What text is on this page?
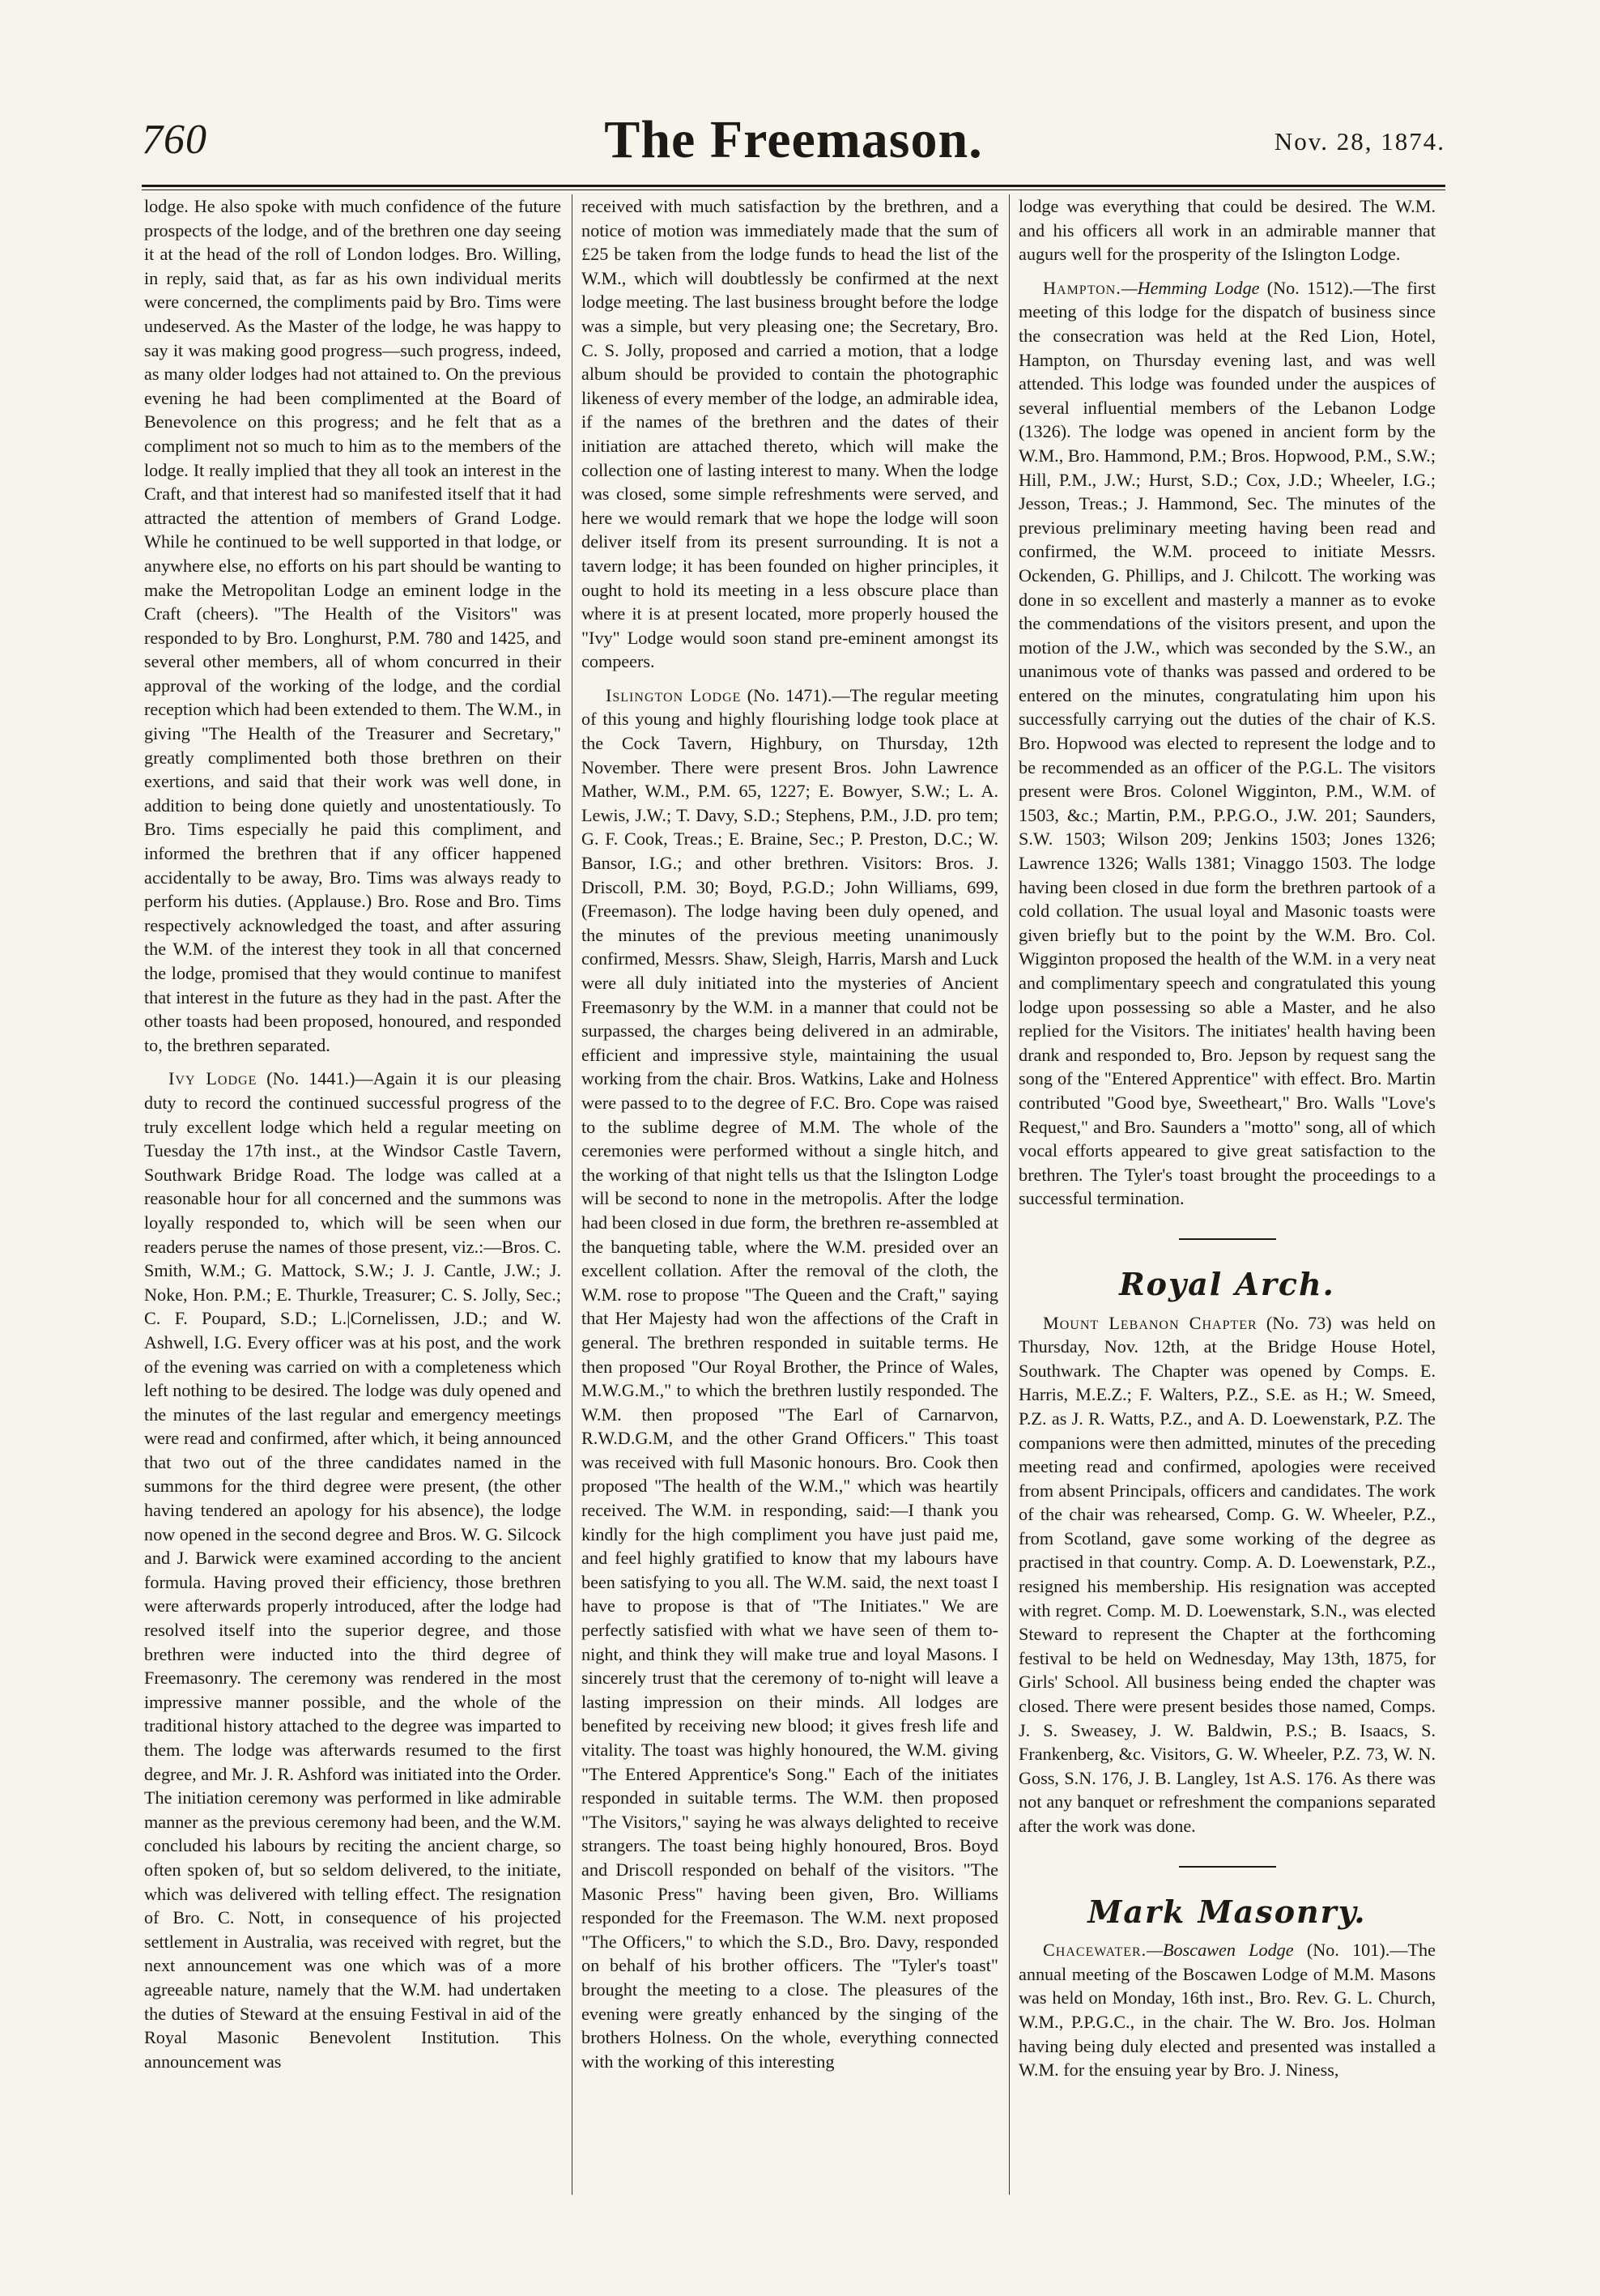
760	The Freemason.	Nov. 28, 1874.

lodge. He also spoke with much confidence of the future prospects of the lodge, and of the brethren one day seeing it at the head of the roll of London lodges. Bro. Willing, in reply, said that, as far as his own individual merits were concerned, the compliments paid by Bro. Tims were undeserved. As the Master of the lodge, he was happy to say it was making good progress—such progress, indeed, as many older lodges had not attained to. On the previous evening he had been complimented at the Board of Benevolence on this progress; and he felt that as a compliment not so much to him as to the members of the lodge. It really implied that they all took an interest in the Craft, and that interest had so manifested itself that it had attracted the attention of members of Grand Lodge. While he continued to be well supported in that lodge, or anywhere else, no efforts on his part should be wanting to make the Metropolitan Lodge an eminent lodge in the Craft (cheers). "The Health of the Visitors" was responded to by Bro. Longhurst, P.M. 780 and 1425, and several other members, all of whom concurred in their approval of the working of the lodge, and the cordial reception which had been extended to them. The W.M., in giving "The Health of the Treasurer and Secretary," greatly complimented both those brethren on their exertions, and said that their work was well done, in addition to being done quietly and unostentatiously. To Bro. Tims especially he paid this compliment, and informed the brethren that if any officer happened accidentally to be away, Bro. Tims was always ready to perform his duties. (Applause.) Bro. Rose and Bro. Tims respectively acknowledged the toast, and after assuring the W.M. of the interest they took in all that concerned the lodge, promised that they would continue to manifest that interest in the future as they had in the past. After the other toasts had been proposed, honoured, and responded to, the brethren separated.

Ivy Lodge (No. 1441.)—Again it is our pleasing duty to record the continued successful progress of the truly excellent lodge which held a regular meeting on Tuesday the 17th inst., at the Windsor Castle Tavern, Southwark Bridge Road. The lodge was called at a reasonable hour for all concerned and the summons was loyally responded to, which will be seen when our readers peruse the names of those present, viz.:—Bros. C. Smith, W.M.; G. Mattock, S.W.; J. J. Cantle, J.W.; J. Noke, Hon. P.M.; E. Thurkle, Treasurer; C. S. Jolly, Sec.; C. F. Poupard, S.D.; L.|Cornelissen, J.D.; and W. Ashwell, I.G. Every officer was at his post, and the work of the evening was carried on with a completeness which left nothing to be desired. The lodge was duly opened and the minutes of the last regular and emergency meetings were read and confirmed, after which, it being announced that two out of the three candidates named in the summons for the third degree were present, (the other having tendered an apology for his absence), the lodge now opened in the second degree and Bros. W. G. Silcock and J. Barwick were examined according to the ancient formula. Having proved their efficiency, those brethren were afterwards properly introduced, after the lodge had resolved itself into the superior degree, and those brethren were inducted into the third degree of Freemasonry. The ceremony was rendered in the most impressive manner possible, and the whole of the traditional history attached to the degree was imparted to them. The lodge was afterwards resumed to the first degree, and Mr. J. R. Ashford was initiated into the Order. The initiation ceremony was performed in like admirable manner as the previous ceremony had been, and the W.M. concluded his labours by reciting the ancient charge, so often spoken of, but so seldom delivered, to the initiate, which was delivered with telling effect. The resignation of Bro. C. Nott, in consequence of his projected settlement in Australia, was received with regret, but the next announcement was one which was of a more agreeable nature, namely that the W.M. had undertaken the duties of Steward at the ensuing Festival in aid of the Royal Masonic Benevolent Institution. This announcement was

received with much satisfaction by the brethren, and a notice of motion was immediately made that the sum of £25 be taken from the lodge funds to head the list of the W.M., which will doubtlessly be confirmed at the next lodge meeting. The last business brought before the lodge was a simple, but very pleasing one; the Secretary, Bro. C. S. Jolly, proposed and carried a motion, that a lodge album should be provided to contain the photographic likeness of every member of the lodge, an admirable idea, if the names of the brethren and the dates of their initiation are attached thereto, which will make the collection one of lasting interest to many. When the lodge was closed, some simple refreshments were served, and here we would remark that we hope the lodge will soon deliver itself from its present surrounding. It is not a tavern lodge; it has been founded on higher principles, it ought to hold its meeting in a less obscure place than where it is at present located, more properly housed the "Ivy" Lodge would soon stand pre-eminent amongst its compeers.

Islington Lodge (No. 1471).—The regular meeting of this young and highly flourishing lodge took place at the Cock Tavern, Highbury, on Thursday, 12th November. There were present Bros. John Lawrence Mather, W.M., P.M. 65, 1227; E. Bowyer, S.W.; L. A. Lewis, J.W.; T. Davy, S.D.; Stephens, P.M., J.D. pro tem; G. F. Cook, Treas.; E. Braine, Sec.; P. Preston, D.C.; W. Bansor, I.G.; and other brethren. Visitors: Bros. J. Driscoll, P.M. 30; Boyd, P.G.D.; John Williams, 699, (Freemason). The lodge having been duly opened, and the minutes of the previous meeting unanimously confirmed, Messrs. Shaw, Sleigh, Harris, Marsh and Luck were all duly initiated into the mysteries of Ancient Freemasonry by the W.M. in a manner that could not be surpassed, the charges being delivered in an admirable, efficient and impressive style, maintaining the usual working from the chair. Bros. Watkins, Lake and Holness were passed to to the degree of F.C. Bro. Cope was raised to the sublime degree of M.M. The whole of the ceremonies were performed without a single hitch, and the working of that night tells us that the Islington Lodge will be second to none in the metropolis. After the lodge had been closed in due form, the brethren re-assembled at the banqueting table, where the W.M. presided over an excellent collation. After the removal of the cloth, the W.M. rose to propose "The Queen and the Craft," saying that Her Majesty had won the affections of the Craft in general. The brethren responded in suitable terms. He then proposed "Our Royal Brother, the Prince of Wales, M.W.G.M.," to which the brethren lustily responded. The W.M. then proposed "The Earl of Carnarvon, R.W.D.G.M, and the other Grand Officers." This toast was received with full Masonic honours. Bro. Cook then proposed "The health of the W.M.," which was heartily received. The W.M. in responding, said:—I thank you kindly for the high compliment you have just paid me, and feel highly gratified to know that my labours have been satisfying to you all. The W.M. said, the next toast I have to propose is that of "The Initiates." We are perfectly satisfied with what we have seen of them to-night, and think they will make true and loyal Masons. I sincerely trust that the ceremony of to-night will leave a lasting impression on their minds. All lodges are benefited by receiving new blood; it gives fresh life and vitality. The toast was highly honoured, the W.M. giving "The Entered Apprentice's Song." Each of the initiates responded in suitable terms. The W.M. then proposed "The Visitors," saying he was always delighted to receive strangers. The toast being highly honoured, Bros. Boyd and Driscoll responded on behalf of the visitors. "The Masonic Press" having been given, Bro. Williams responded for the Freemason. The W.M. next proposed "The Officers," to which the S.D., Bro. Davy, responded on behalf of his brother officers. The "Tyler's toast" brought the meeting to a close. The pleasures of the evening were greatly enhanced by the singing of the brothers Holness. On the whole, everything connected with the working of this interesting

lodge was everything that could be desired. The W.M. and his officers all work in an admirable manner that augurs well for the prosperity of the Islington Lodge.

Hampton.—Hemming Lodge (No. 1512).—The first meeting of this lodge for the dispatch of business since the consecration was held at the Red Lion, Hotel, Hampton, on Thursday evening last, and was well attended. This lodge was founded under the auspices of several influential members of the Lebanon Lodge (1326). The lodge was opened in ancient form by the W.M., Bro. Hammond, P.M.; Bros. Hopwood, P.M., S.W.; Hill, P.M., J.W.; Hurst, S.D.; Cox, J.D.; Wheeler, I.G.; Jesson, Treas.; J. Hammond, Sec. The minutes of the previous preliminary meeting having been read and confirmed, the W.M. proceed to initiate Messrs. Ockenden, G. Phillips, and J. Chilcott. The working was done in so excellent and masterly a manner as to evoke the commendations of the visitors present, and upon the motion of the J.W., which was seconded by the S.W., an unanimous vote of thanks was passed and ordered to be entered on the minutes, congratulating him upon his successfully carrying out the duties of the chair of K.S. Bro. Hopwood was elected to represent the lodge and to be recommended as an officer of the P.G.L. The visitors present were Bros. Colonel Wigginton, P.M., W.M. of 1503, &c.; Martin, P.M., P.P.G.O., J.W. 201; Saunders, S.W. 1503; Wilson 209; Jenkins 1503; Jones 1326; Lawrence 1326; Walls 1381; Vinaggo 1503. The lodge having been closed in due form the brethren partook of a cold collation. The usual loyal and Masonic toasts were given briefly but to the point by the W.M. Bro. Col. Wigginton proposed the health of the W.M. in a very neat and complimentary speech and congratulated this young lodge upon possessing so able a Master, and he also replied for the Visitors. The initiates' health having been drank and responded to, Bro. Jepson by request sang the song of the "Entered Apprentice" with effect. Bro. Martin contributed "Good bye, Sweetheart," Bro. Walls "Love's Request," and Bro. Saunders a "motto" song, all of which vocal efforts appeared to give great satisfaction to the brethren. The Tyler's toast brought the proceedings to a successful termination.

Royal Arch.

Mount Lebanon Chapter (No. 73) was held on Thursday, Nov. 12th, at the Bridge House Hotel, Southwark. The Chapter was opened by Comps. E. Harris, M.E.Z.; F. Walters, P.Z., S.E. as H.; W. Smeed, P.Z. as J. R. Watts, P.Z., and A. D. Loewenstark, P.Z. The companions were then admitted, minutes of the preceding meeting read and confirmed, apologies were received from absent Principals, officers and candidates. The work of the chair was rehearsed, Comp. G. W. Wheeler, P.Z., from Scotland, gave some working of the degree as practised in that country. Comp. A. D. Loewenstark, P.Z., resigned his membership. His resignation was accepted with regret. Comp. M. D. Loewenstark, S.N., was elected Steward to represent the Chapter at the forthcoming festival to be held on Wednesday, May 13th, 1875, for Girls' School. All business being ended the chapter was closed. There were present besides those named, Comps. J. S. Sweasey, J. W. Baldwin, P.S.; B. Isaacs, S. Frankenberg, &c. Visitors, G. W. Wheeler, P.Z. 73, W. N. Goss, S.N. 176, J. B. Langley, 1st A.S. 176. As there was not any banquet or refreshment the companions separated after the work was done.

Mark Masonry.

Chacewater.—Boscawen Lodge (No. 101).—The annual meeting of the Boscawen Lodge of M.M. Masons was held on Monday, 16th inst., Bro. Rev. G. L. Church, W.M., P.P.G.C., in the chair. The W. Bro. Jos. Holman having being duly elected and presented was installed a W.M. for the ensuing year by Bro. J. Niness,
